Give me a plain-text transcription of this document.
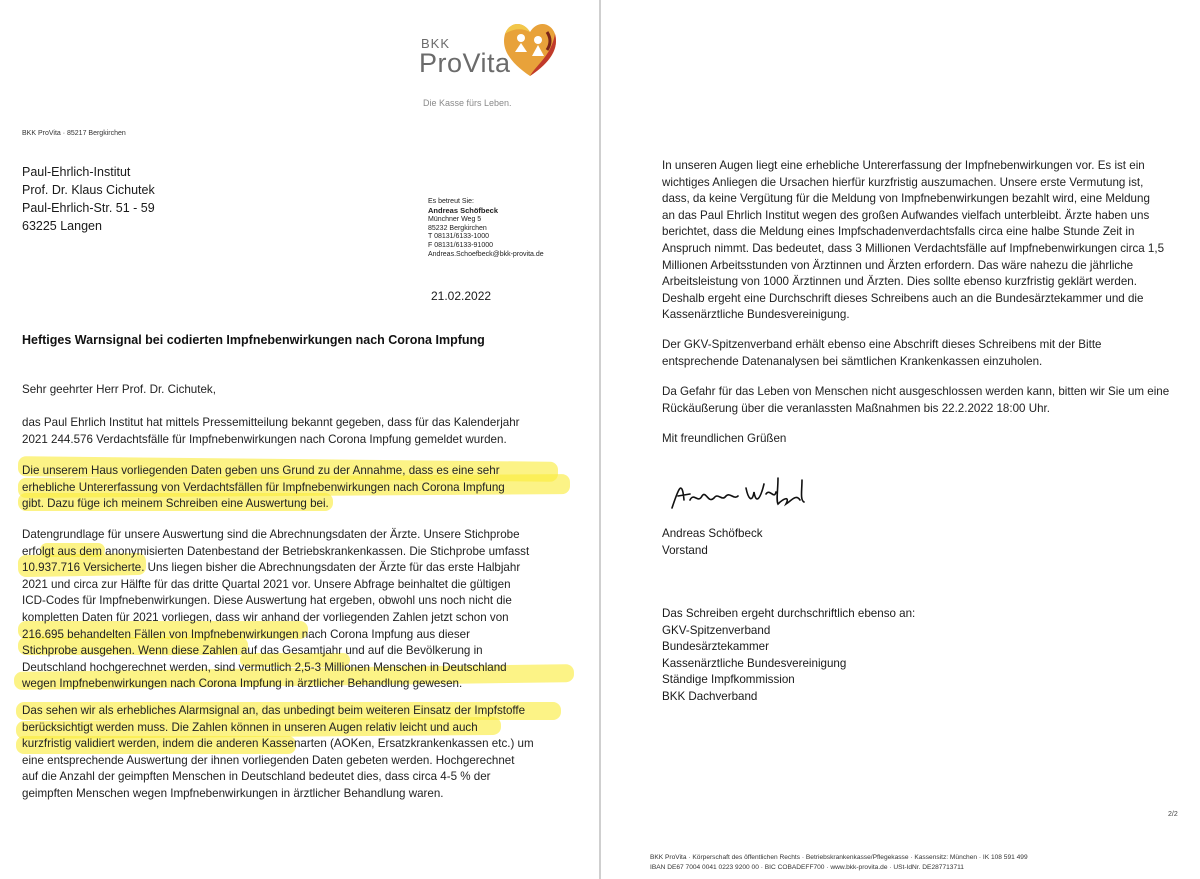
BKK
ProVita
Die Kasse fürs Leben.
BKK ProVita · 85217 Bergkirchen
Paul-Ehrlich-Institut
Prof. Dr. Klaus Cichutek
Paul-Ehrlich-Str. 51 - 59
63225 Langen
Es betreut Sie:
Andreas Schöfbeck
Münchner Weg 5
85232 Bergkirchen
T 08131/6133-1000
F 08131/6133-91000
Andreas.Schoefbeck@bkk-provita.de
21.02.2022
Heftiges Warnsignal bei codierten Impfnebenwirkungen nach Corona Impfung
Sehr geehrter Herr Prof. Dr. Cichutek,
das Paul Ehrlich Institut hat mittels Pressemitteilung bekannt gegeben, dass für das Kalenderjahr
2021 244.576 Verdachtsfälle für Impfnebenwirkungen nach Corona Impfung gemeldet wurden.
Die unserem Haus vorliegenden Daten geben uns Grund zu der Annahme, dass es eine sehr
erhebliche Untererfassung von Verdachtsfällen für Impfnebenwirkungen nach Corona Impfung
gibt. Dazu füge ich meinem Schreiben eine Auswertung bei.
Datengrundlage für unsere Auswertung sind die Abrechnungsdaten der Ärzte. Unsere Stichprobe
erfolgt aus dem anonymisierten Datenbestand der Betriebskrankenkassen. Die Stichprobe umfasst
10.937.716 Versicherte. Uns liegen bisher die Abrechnungsdaten der Ärzte für das erste Halbjahr
2021 und circa zur Hälfte für das dritte Quartal 2021 vor. Unsere Abfrage beinhaltet die gültigen
ICD-Codes für Impfnebenwirkungen. Diese Auswertung hat ergeben, obwohl uns noch nicht die
kompletten Daten für 2021 vorliegen, dass wir anhand der vorliegenden Zahlen jetzt schon von
216.695 behandelten Fällen von Impfnebenwirkungen nach Corona Impfung aus dieser
Stichprobe ausgehen. Wenn diese Zahlen auf das Gesamtjahr und auf die Bevölkerung in
Deutschland hochgerechnet werden, sind vermutlich 2,5-3 Millionen Menschen in Deutschland
wegen Impfnebenwirkungen nach Corona Impfung in ärztlicher Behandlung gewesen.
Das sehen wir als erhebliches Alarmsignal an, das unbedingt beim weiteren Einsatz der Impfstoffe
berücksichtigt werden muss. Die Zahlen können in unseren Augen relativ leicht und auch
kurzfristig validiert werden, indem die anderen Kassenarten (AOKen, Ersatzkrankenkassen etc.) um
eine entsprechende Auswertung der ihnen vorliegenden Daten gebeten werden. Hochgerechnet
auf die Anzahl der geimpften Menschen in Deutschland bedeutet dies, dass circa 4-5 % der
geimpften Menschen wegen Impfnebenwirkungen in ärztlicher Behandlung waren.
In unseren Augen liegt eine erhebliche Untererfassung der Impfnebenwirkungen vor. Es ist ein
wichtiges Anliegen die Ursachen hierfür kurzfristig auszumachen. Unsere erste Vermutung ist,
dass, da keine Vergütung für die Meldung von Impfnebenwirkungen bezahlt wird, eine Meldung
an das Paul Ehrlich Institut wegen des großen Aufwandes vielfach unterbleibt. Ärzte haben uns
berichtet, dass die Meldung eines Impfschadenverdachtsfalls circa eine halbe Stunde Zeit in
Anspruch nimmt. Das bedeutet, dass 3 Millionen Verdachtsfälle auf Impfnebenwirkungen circa 1,5
Millionen Arbeitsstunden von Ärztinnen und Ärzten erfordern. Das wäre nahezu die jährliche
Arbeitsleistung von 1000 Ärztinnen und Ärzten. Dies sollte ebenso kurzfristig geklärt werden.
Deshalb ergeht eine Durchschrift dieses Schreibens auch an die Bundesärztekammer und die
Kassenärztliche Bundesvereinigung.
Der GKV-Spitzenverband erhält ebenso eine Abschrift dieses Schreibens mit der Bitte
entsprechende Datenanalysen bei sämtlichen Krankenkassen einzuholen.
Da Gefahr für das Leben von Menschen nicht ausgeschlossen werden kann, bitten wir Sie um eine
Rückäußerung über die veranlassten Maßnahmen bis 22.2.2022 18:00 Uhr.
Mit freundlichen Grüßen
Andreas Schöfbeck
Vorstand
Das Schreiben ergeht durchschriftlich ebenso an:
GKV-Spitzenverband
Bundesärztekammer
Kassenärztliche Bundesvereinigung
Ständige Impfkommission
BKK Dachverband
2/2
BKK ProVita · Körperschaft des öffentlichen Rechts · Betriebskrankenkasse/Pflegekasse · Kassensitz: München · IK 108 591 499
IBAN DE67 7004 0041 0223 9200 00 · BIC COBADEFF700 · www.bkk-provita.de · USt-IdNr. DE287713711
